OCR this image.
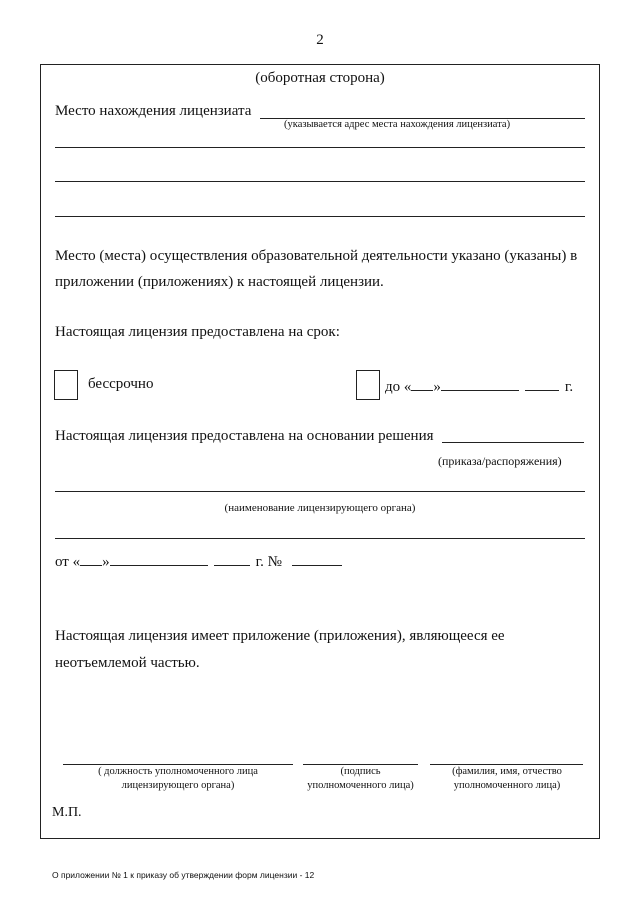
2
(оборотная сторона)
Место нахождения лицензиата
(указывается адрес места нахождения лицензиата)
Место (места) осуществления образовательной деятельности указано (указаны) в
приложении (приложениях) к настоящей лицензии.
Настоящая лицензия предоставлена на срок:
бессрочно	до « »	г.
Настоящая лицензия предоставлена на основании решения
(приказа/распоряжения)
(наименование лицензирующего органа)
от « »	г. №
Настоящая лицензия имеет приложение (приложения), являющееся ее
неотъемлемой частью.
( должность уполномоченного лица
лицензирующего органа)
(подпись
уполномоченного лица)
(фамилия, имя, отчество
уполномоченного лица)
М.П.
О приложении № 1 к приказу об утверждении форм лицензии - 12
